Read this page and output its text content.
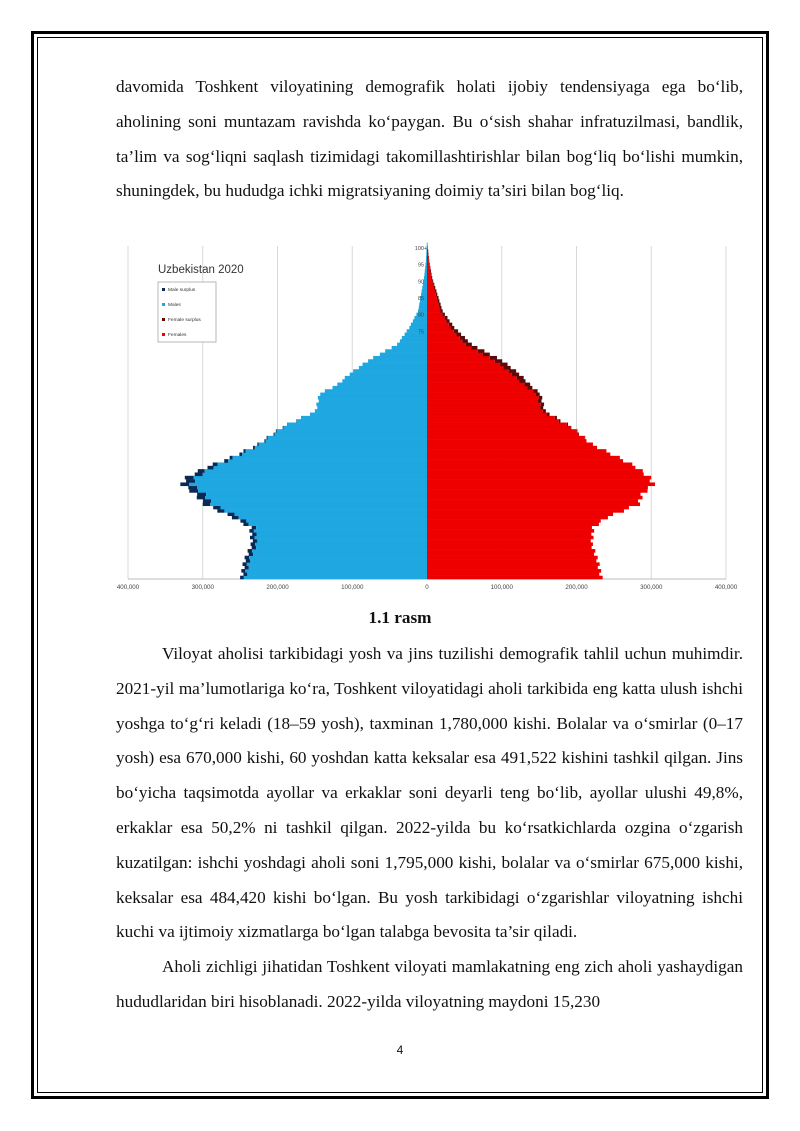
davomida Toshkent viloyatining demografik holati ijobiy tendensiyaga ega bo‘lib, aholining soni muntazam ravishda ko‘paygan. Bu o‘sish shahar infratuzilmasi, bandlik, ta’lim va sog‘liqni saqlash tizimidagi takomillashtirishlar bilan bog‘liq bo‘lishi mumkin, shuningdek, bu hududga ichki migratsiyaning doimiy ta’siri bilan bog‘liq.

100+
95
90
85
80
75
400,000	300,000	200,000	100,000	0	100,000	200,000	300,000	400,000
Uzbekistan 2020
Male surplus
Males
Female surplus
Females
1.1 rasm

Viloyat aholisi tarkibidagi yosh va jins tuzilishi demografik tahlil uchun muhimdir. 2021-yil ma’lumotlariga ko‘ra, Toshkent viloyatidagi aholi tarkibida eng katta ulush ishchi yoshga to‘g‘ri keladi (18–59 yosh), taxminan 1,780,000 kishi. Bolalar va o‘smirlar (0–17 yosh) esa 670,000 kishi, 60 yoshdan katta keksalar esa 491,522 kishini tashkil qilgan. Jins bo‘yicha taqsimotda ayollar va erkaklar soni deyarli teng bo‘lib, ayollar ulushi 49,8%, erkaklar esa 50,2% ni tashkil qilgan. 2022-yilda bu ko‘rsatkichlarda ozgina o‘zgarish kuzatilgan: ishchi yoshdagi aholi soni 1,795,000 kishi, bolalar va o‘smirlar 675,000 kishi, keksalar esa 484,420 kishi bo‘lgan. Bu yosh tarkibidagi o‘zgarishlar viloyatning ishchi kuchi va ijtimoiy xizmatlarga bo‘lgan talabga bevosita ta’sir qiladi.

Aholi zichligi jihatidan Toshkent viloyati mamlakatning eng zich aholi yashaydigan hududlaridan biri hisoblanadi. 2022-yilda viloyatning maydoni 15,230

4
